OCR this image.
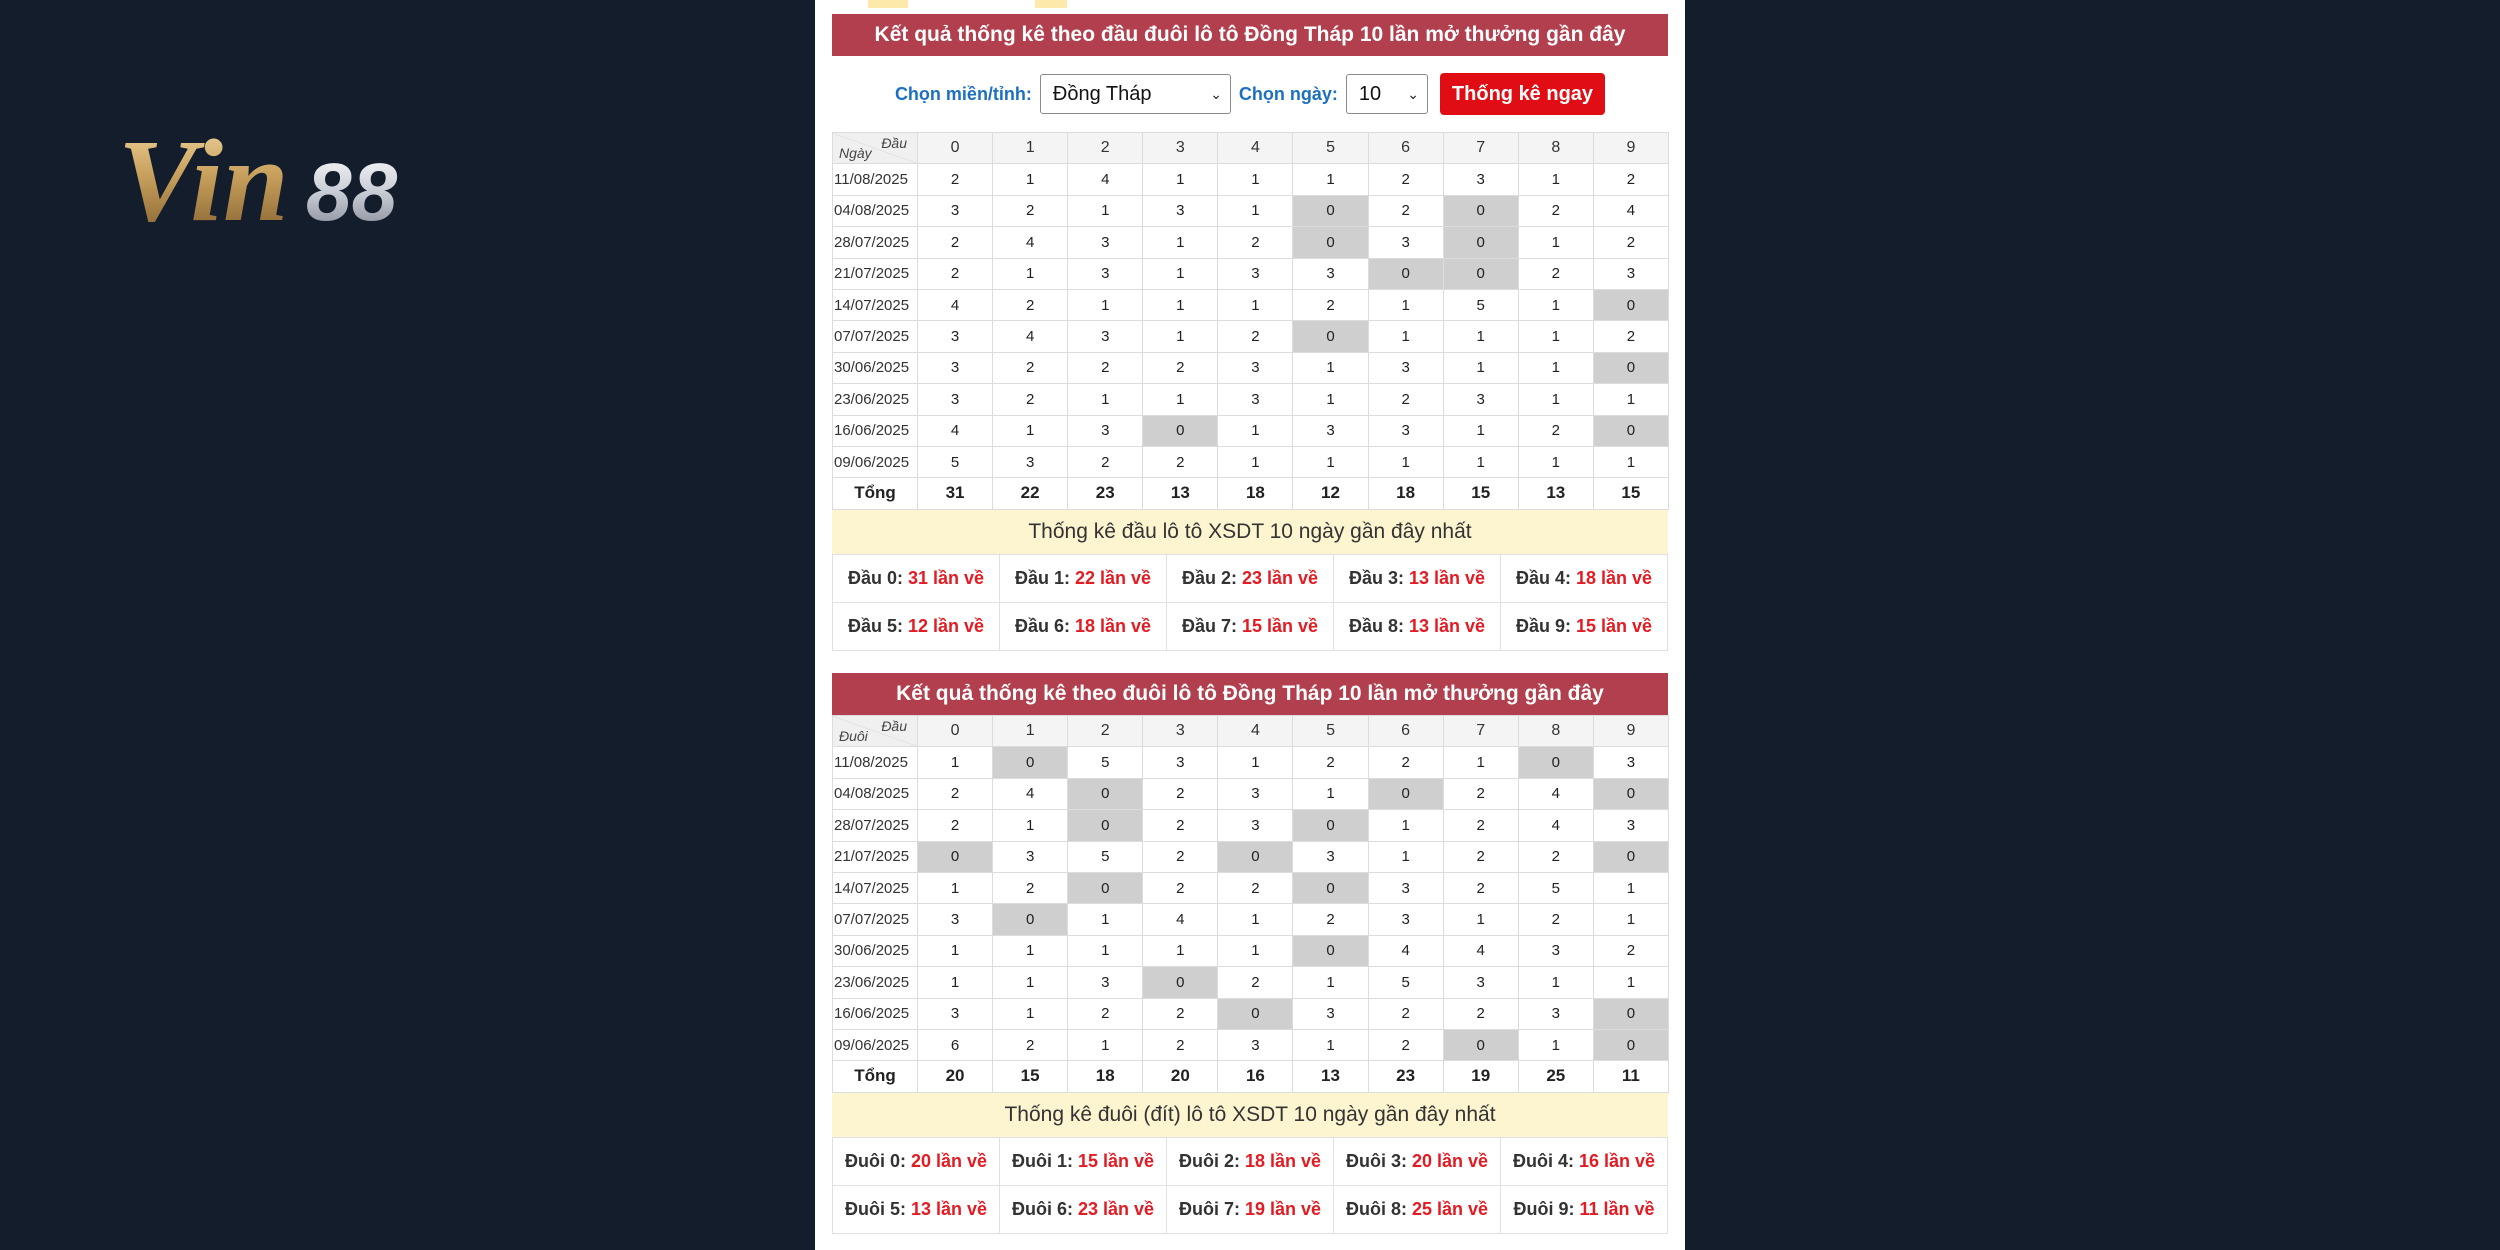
Vin 88
Kết quả thống kê theo đầu đuôi lô tô Đồng Tháp 10 lần mở thưởng gần đây
Chọn miền/tỉnh: Đồng Tháp	⌄ Chọn ngày: 10 ⌄	Thống kê ngay
Đầu
Ngày	0	1	2	3	4	5	6	7	8	9
11/08/2025	2	1	4	1	1	1	2	3	1	2
04/08/2025	3	2	1	3	1	0	2	0	2	4
28/07/2025	2	4	3	1	2	0	3	0	1	2
21/07/2025	2	1	3	1	3	3	0	0	2	3
14/07/2025	4	2	1	1	1	2	1	5	1	0
07/07/2025	3	4	3	1	2	0	1	1	1	2
30/06/2025	3	2	2	2	3	1	3	1	1	0
23/06/2025	3	2	1	1	3	1	2	3	1	1
16/06/2025	4	1	3	0	1	3	3	1	2	0
09/06/2025	5	3	2	2	1	1	1	1	1	1
Tổng	31	22	23	13	18	12	18	15	13	15
Thống kê đầu lô tô XSDT 10 ngày gần đây nhất
Đầu 0: 31 lần về	Đầu 1: 22 lần về	Đầu 2: 23 lần về	Đầu 3: 13 lần về	Đầu 4: 18 lần về
Đầu 5: 12 lần về	Đầu 6: 18 lần về	Đầu 7: 15 lần về	Đầu 8: 13 lần về	Đầu 9: 15 lần về
Kết quả thống kê theo đuôi lô tô Đồng Tháp 10 lần mở thưởng gần đây
Đầu
Đuôi	0	1	2	3	4	5	6	7	8	9
11/08/2025	1	0	5	3	1	2	2	1	0	3
04/08/2025	2	4	0	2	3	1	0	2	4	0
28/07/2025	2	1	0	2	3	0	1	2	4	3
21/07/2025	0	3	5	2	0	3	1	2	2	0
14/07/2025	1	2	0	2	2	0	3	2	5	1
07/07/2025	3	0	1	4	1	2	3	1	2	1
30/06/2025	1	1	1	1	1	0	4	4	3	2
23/06/2025	1	1	3	0	2	1	5	3	1	1
16/06/2025	3	1	2	2	0	3	2	2	3	0
09/06/2025	6	2	1	2	3	1	2	0	1	0
Tổng	20	15	18	20	16	13	23	19	25	11
Thống kê đuôi (đít) lô tô XSDT 10 ngày gần đây nhất
Đuôi 0: 20 lần về	Đuôi 1: 15 lần về	Đuôi 2: 18 lần về	Đuôi 3: 20 lần về	Đuôi 4: 16 lần về
Đuôi 5: 13 lần về	Đuôi 6: 23 lần về	Đuôi 7: 19 lần về	Đuôi 8: 25 lần về	Đuôi 9: 11 lần về
